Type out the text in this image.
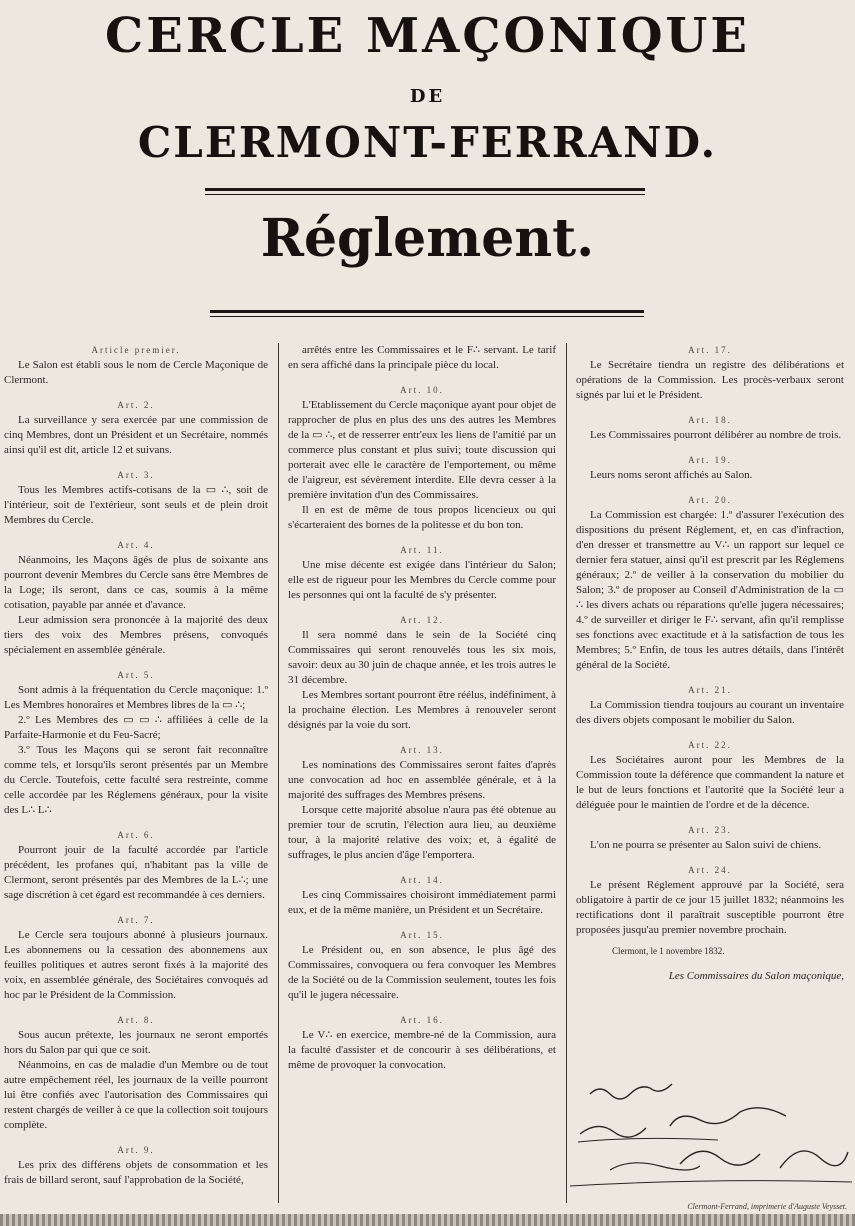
CERCLE MAÇONIQUE
DE
CLERMONT-FERRAND.
Réglement.
Article premier.
Le Salon est établi sous le nom de Cercle Maçonique de Clermont.
Art. 2.
La surveillance y sera exercée par une commission de cinq Membres, dont un Président et un Secrétaire, nommés ainsi qu'il est dit, article 12 et suivans.
Art. 3.
Tous les Membres actifs-cotisans de la ▭ ∴, soit de l'intérieur, soit de l'extérieur, sont seuls et de plein droit Membres du Cercle.
Art. 4.
Néanmoins, les Maçons âgés de plus de soixante ans pourront devenir Membres du Cercle sans être Membres de la Loge; ils seront, dans ce cas, soumis à la même cotisation, payable par année et d'avance.
Leur admission sera prononcée à la majorité des deux tiers des voix des Membres présens, convoqués spécialement en assemblée générale.
Art. 5.
Sont admis à la fréquentation du Cercle maçonique: 1.º Les Membres honoraires et Membres libres de la ▭ ∴;
2.º Les Membres des ▭ ▭ ∴ affiliées à celle de la Parfaite-Harmonie et du Feu-Sacré;
3.º Tous les Maçons qui se seront fait reconnaître comme tels, et lorsqu'ils seront présentés par un Membre du Cercle. Toutefois, cette faculté sera restreinte, comme celle accordée par les Réglemens généraux, pour la visite des L∴ L∴
Art. 6.
Pourront jouir de la faculté accordée par l'article précédent, les profanes qui, n'habitant pas la ville de Clermont, seront présentés par des Membres de la L∴; une sage discrétion à cet égard est recommandée à ces derniers.
Art. 7.
Le Cercle sera toujours abonné à plusieurs journaux. Les abonnemens ou la cessation des abonnemens aux feuilles politiques et autres seront fixés à la majorité des voix, en assemblée générale, des Sociétaires convoqués ad hoc par le Président de la Commission.
Art. 8.
Sous aucun prétexte, les journaux ne seront emportés hors du Salon par qui que ce soit.
Néanmoins, en cas de maladie d'un Membre ou de tout autre empêchement réel, les journaux de la veille pourront lui être confiés avec l'autorisation des Commissaires qui restent chargés de veiller à ce que la collection soit toujours complète.
Art. 9.
Les prix des différens objets de consommation et les frais de billard seront, sauf l'approbation de la Société,
arrêtés entre les Commissaires et le F∴ servant. Le tarif en sera affiché dans la principale pièce du local.
Art. 10.
L'Etablissement du Cercle maçonique ayant pour objet de rapprocher de plus en plus des uns des autres les Membres de la ▭ ∴, et de resserrer entr'eux les liens de l'amitié par un commerce plus constant et plus suivi; toute discussion qui porterait avec elle le caractère de l'emportement, ou même de l'aigreur, est sévèrement interdite. Elle devra cesser à la première invitation d'un des Commissaires.
Il en est de même de tous propos licencieux ou qui s'écarteraient des bornes de la politesse et du bon ton.
Art. 11.
Une mise décente est exigée dans l'intérieur du Salon; elle est de rigueur pour les Membres du Cercle comme pour les personnes qui ont la faculté de s'y présenter.
Art. 12.
Il sera nommé dans le sein de la Société cinq Commissaires qui seront renouvelés tous les six mois, savoir: deux au 30 juin de chaque année, et les trois autres le 31 décembre.
Les Membres sortant pourront être réélus, indéfiniment, à la prochaine élection. Les Membres à renouveler seront désignés par la voie du sort.
Art. 13.
Les nominations des Commissaires seront faites d'après une convocation ad hoc en assemblée générale, et à la majorité des suffrages des Membres présens.
Lorsque cette majorité absolue n'aura pas été obtenue au premier tour de scrutin, l'élection aura lieu, au deuxième tour, à la majorité relative des voix; et, à égalité de suffrages, le plus ancien d'âge l'emportera.
Art. 14.
Les cinq Commissaires choisiront immédiatement parmi eux, et de la même manière, un Président et un Secrétaire.
Art. 15.
Le Président ou, en son absence, le plus âgé des Commissaires, convoquera ou fera convoquer les Membres de la Société ou de la Commission seulement, toutes les fois qu'il le jugera nécessaire.
Art. 16.
Le V∴ en exercice, membre-né de la Commission, aura la faculté d'assister et de concourir à ses délibérations, et même de provoquer la convocation.
Art. 17.
Le Secrétaire tiendra un registre des délibérations et opérations de la Commission. Les procès-verbaux seront signés par lui et le Président.
Art. 18.
Les Commissaires pourront délibérer au nombre de trois.
Art. 19.
Leurs noms seront affichés au Salon.
Art. 20.
La Commission est chargée: 1.º d'assurer l'exécution des dispositions du présent Réglement, et, en cas d'infraction, d'en dresser et transmettre au V∴ un rapport sur lequel ce dernier fera statuer, ainsi qu'il est prescrit par les Réglemens généraux; 2.º de veiller à la conservation du mobilier du Salon; 3.º de proposer au Conseil d'Administration de la ▭ ∴ les divers achats ou réparations qu'elle jugera nécessaires; 4.º de surveiller et diriger le F∴ servant, afin qu'il remplisse ses fonctions avec exactitude et à la satisfaction de tous les Membres; 5.º Enfin, de tous les autres détails, dans l'intérêt général de la Société.
Art. 21.
La Commission tiendra toujours au courant un inventaire des divers objets composant le mobilier du Salon.
Art. 22.
Les Sociétaires auront pour les Membres de la Commission toute la déférence que commandent la nature et le but de leurs fonctions et l'autorité que la Société leur a déléguée pour le maintien de l'ordre et de la décence.
Art. 23.
L'on ne pourra se présenter au Salon suivi de chiens.
Art. 24.
Le présent Réglement approuvé par la Société, sera obligatoire à partir de ce jour 15 juillet 1832; néanmoins les rectifications dont il paraîtrait susceptible pourront être proposées jusqu'au premier novembre prochain.
Clermont, le 1 novembre 1832.
Les Commissaires du Salon maçonique,
Clermont-Ferrand, imprimerie d'Auguste Veysset.
